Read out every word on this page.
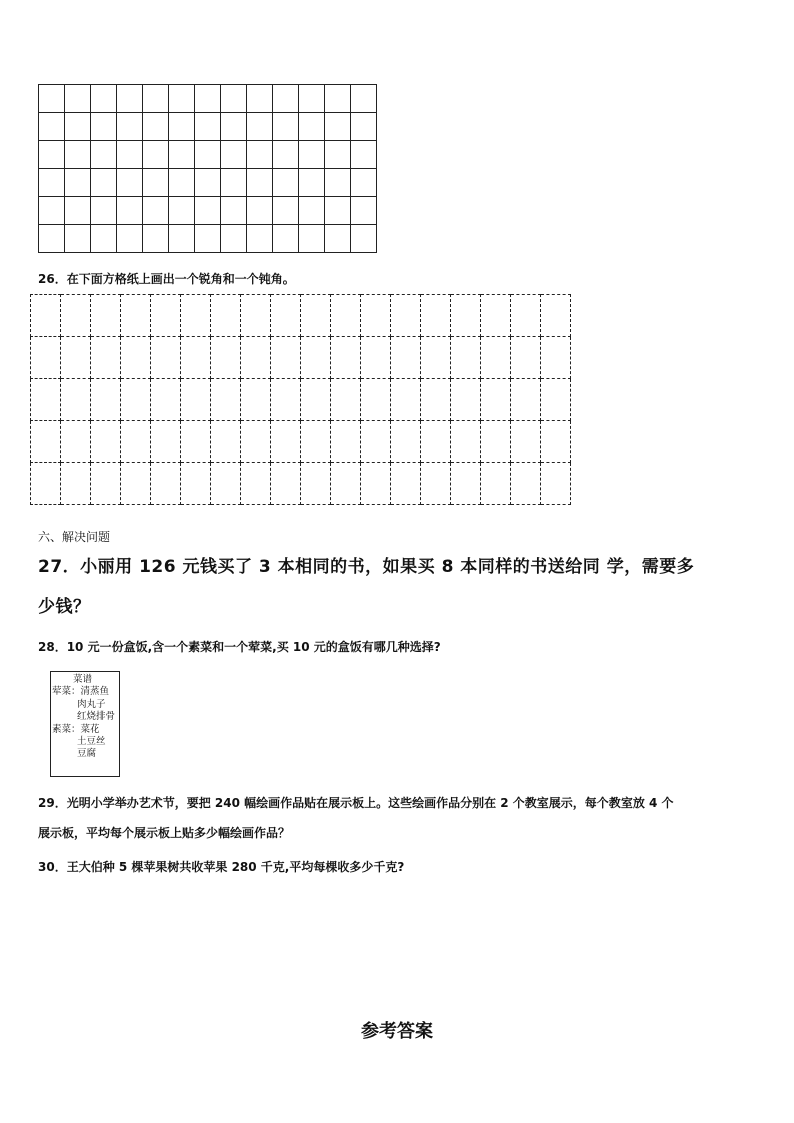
26．在下面方格纸上画出一个锐角和一个钝角。

六、解决问题
27．小丽用 126 元钱买了 3 本相同的书，如果买 8 本同样的书送给同 学，需要多
少钱？
28．10 元一份盒饭,含一个素菜和一个荤菜,买 10 元的盒饭有哪几种选择?
菜谱
荤菜：清蒸鱼
肉丸子
红烧排骨
素菜：菜花
土豆丝
豆腐
29．光明小学举办艺术节，要把 240 幅绘画作品贴在展示板上。这些绘画作品分别在 2 个教室展示，每个教室放 4 个
展示板，平均每个展示板上贴多少幅绘画作品？
30．王大伯种 5 棵苹果树共收苹果 280 千克,平均每棵收多少千克?
参考答案
